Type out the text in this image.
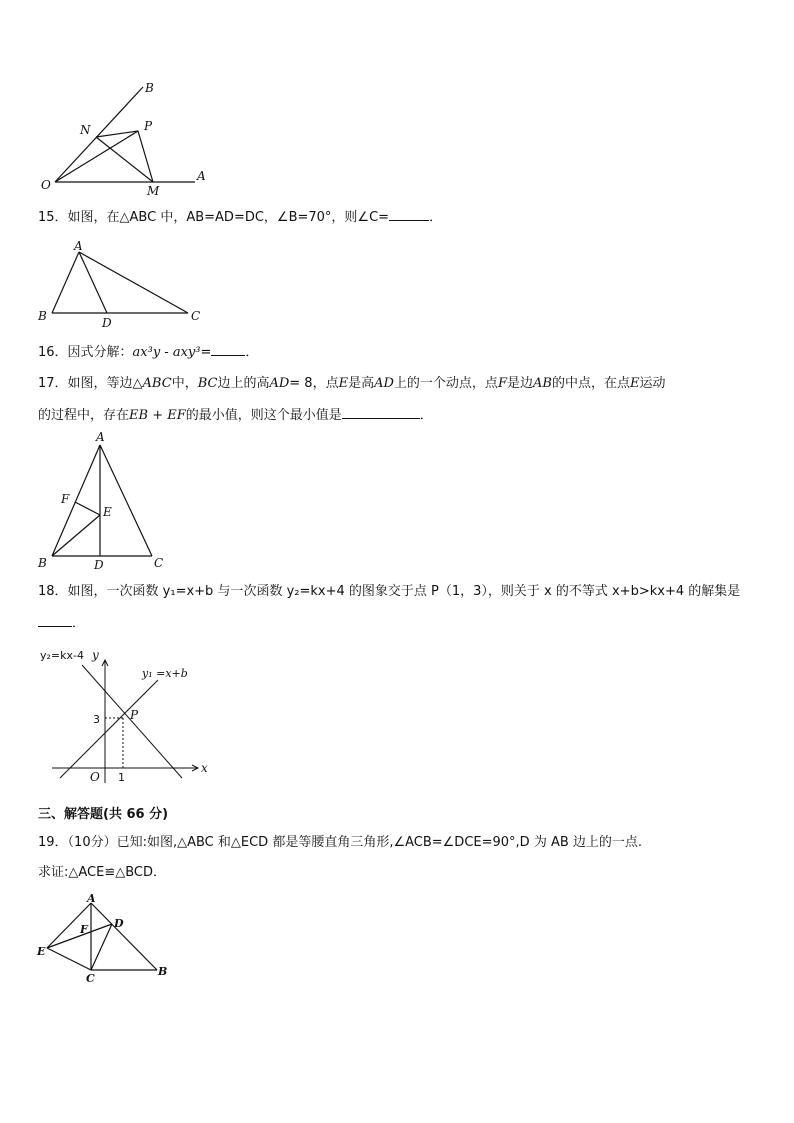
B
N	P
O	M
A
15．如图，在△ABC 中，AB=AD=DC，∠B=70°，则∠C=	．
A
B	D	C
16．因式分解：ax³y - axy³=	．
17．如图，等边△ABC中，BC边上的高AD= 8，点E是高AD上的一个动点，点F是边AB的中点，在点E运动
的过程中，存在EB + EF的最小值，则这个最小值是	．
A
F
E
B	D	C
18．如图，一次函数 y₁=x+b 与一次函数 y₂=kx+4 的图象交于点 P（1，3），则关于 x 的不等式 x+b>kx+4 的解集是
．
y₂=kx-4 y
y₁ =x+b
3	P
O 1
x
三、解答题(共 66 分)
19．（10分）已知:如图,△ABC 和△ECD 都是等腰直角三角形,∠ACB=∠DCE=90°,D 为 AB 边上的一点.
求证:△ACE≌△BCD．
A
D
F
E
C
B
